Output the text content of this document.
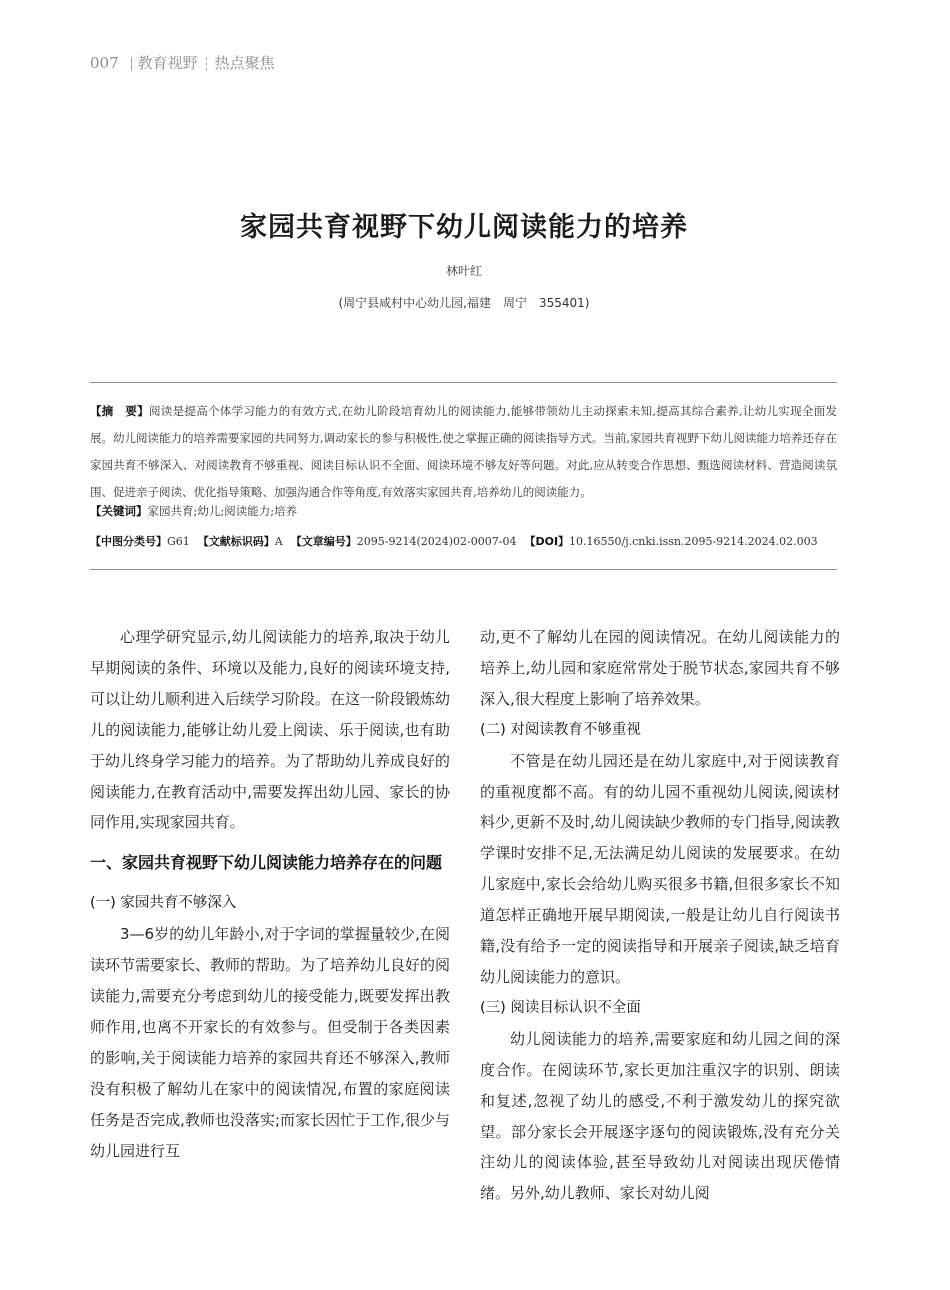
007 教育视野 热点聚焦
家园共育视野下幼儿阅读能力的培养
林叶红
(周宁县咸村中心幼儿园,福建　周宁　355401)
【摘　要】阅读是提高个体学习能力的有效方式,在幼儿阶段培育幼儿的阅读能力,能够带领幼儿主动探索未知,提高其综合素养,让幼儿实现全面发展。幼儿阅读能力的培养需要家园的共同努力,调动家长的参与积极性,使之掌握正确的阅读指导方式。当前,家园共育视野下幼儿阅读能力培养还存在家园共育不够深入、对阅读教育不够重视、阅读目标认识不全面、阅读环境不够友好等问题。对此,应从转变合作思想、甄选阅读材料、营造阅读氛围、促进亲子阅读、优化指导策略、加强沟通合作等角度,有效落实家园共育,培养幼儿的阅读能力。
【关键词】家园共育;幼儿;阅读能力;培养
【中图分类号】G61 【文献标识码】A 【文章编号】2095-9214(2024)02-0007-04 【DOI】10.16550/j.cnki.issn.2095-9214.2024.02.003

心理学研究显示,幼儿阅读能力的培养,取决于幼儿早期阅读的条件、环境以及能力,良好的阅读环境支持,可以让幼儿顺利进入后续学习阶段。在这一阶段锻炼幼儿的阅读能力,能够让幼儿爱上阅读、乐于阅读,也有助于幼儿终身学习能力的培养。为了帮助幼儿养成良好的阅读能力,在教育活动中,需要发挥出幼儿园、家长的协同作用,实现家园共育。

一、家园共育视野下幼儿阅读能力培养存在的问题

(一) 家园共育不够深入

3—6岁的幼儿年龄小,对于字词的掌握量较少,在阅读环节需要家长、教师的帮助。为了培养幼儿良好的阅读能力,需要充分考虑到幼儿的接受能力,既要发挥出教师作用,也离不开家长的有效参与。但受制于各类因素的影响,关于阅读能力培养的家园共育还不够深入,教师没有积极了解幼儿在家中的阅读情况,布置的家庭阅读任务是否完成,教师也没落实;而家长因忙于工作,很少与幼儿园进行互

动,更不了解幼儿在园的阅读情况。在幼儿阅读能力的培养上,幼儿园和家庭常常处于脱节状态,家园共育不够深入,很大程度上影响了培养效果。

(二) 对阅读教育不够重视

不管是在幼儿园还是在幼儿家庭中,对于阅读教育的重视度都不高。有的幼儿园不重视幼儿阅读,阅读材料少,更新不及时,幼儿阅读缺少教师的专门指导,阅读教学课时安排不足,无法满足幼儿阅读的发展要求。在幼儿家庭中,家长会给幼儿购买很多书籍,但很多家长不知道怎样正确地开展早期阅读,一般是让幼儿自行阅读书籍,没有给予一定的阅读指导和开展亲子阅读,缺乏培育幼儿阅读能力的意识。

(三) 阅读目标认识不全面

幼儿阅读能力的培养,需要家庭和幼儿园之间的深度合作。在阅读环节,家长更加注重汉字的识别、朗读和复述,忽视了幼儿的感受,不利于激发幼儿的探究欲望。部分家长会开展逐字逐句的阅读锻炼,没有充分关注幼儿的阅读体验,甚至导致幼儿对阅读出现厌倦情绪。另外,幼儿教师、家长对幼儿阅
